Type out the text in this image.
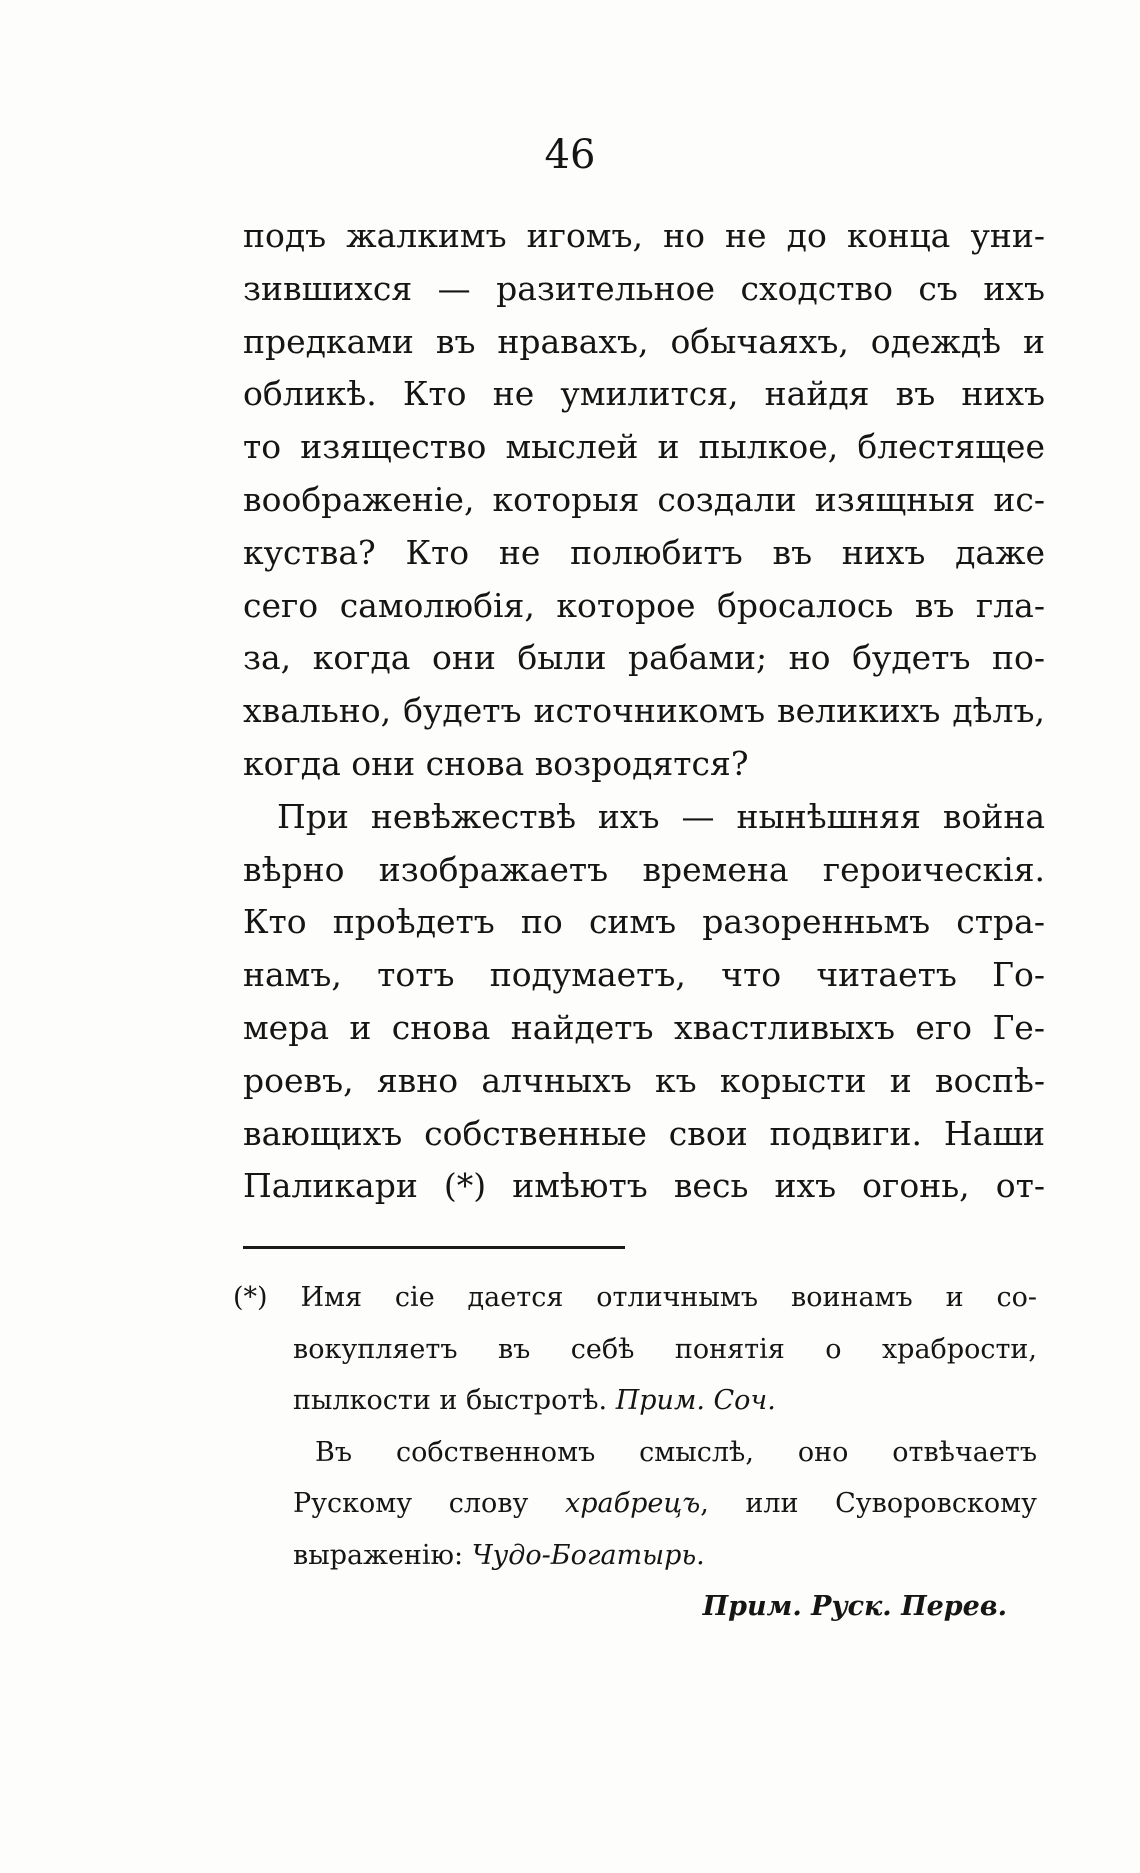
46
подъ жалкимъ игомъ, но не до конца уни-
зившихся — разительное сходство съ ихъ
предками въ нравахъ, обычаяхъ, одеждѣ и
обликѣ. Кто не умилится, найдя въ нихъ
то изящество мыслей и пылкое, блестящее
воображеніе, которыя создали изящныя ис-
куства? Кто не полюбитъ въ нихъ даже
сего самолюбія, которое бросалось въ гла-
за, когда они были рабами; но будетъ по-
хвально, будетъ источникомъ великихъ дѣлъ,
когда они снова возродятся?
При невѣжествѣ ихъ — нынѣшняя война
вѣрно изображаетъ времена героическія.
Кто проѣдетъ по симъ разоренньмъ стра-
намъ, тотъ подумаетъ, что читаетъ Го-
мера и снова найдетъ хвастливыхъ его Ге-
роевъ, явно алчныхъ къ корысти и воспѣ-
вающихъ собственные свои подвиги. Наши
Паликари (*) имѣютъ весь ихъ огонь, от-
(*) Имя сіе дается отличнымъ воинамъ и со-
вокупляетъ въ себѣ понятія о храбрости,
пылкости и быстротѣ. Прим. Соч.
Въ собственномъ смыслѣ, оно отвѣчаетъ
Рускому слову храбрецъ, или Суворовскому
выраженію: Чудо-Богатырь.
Прим. Руск. Перев.
